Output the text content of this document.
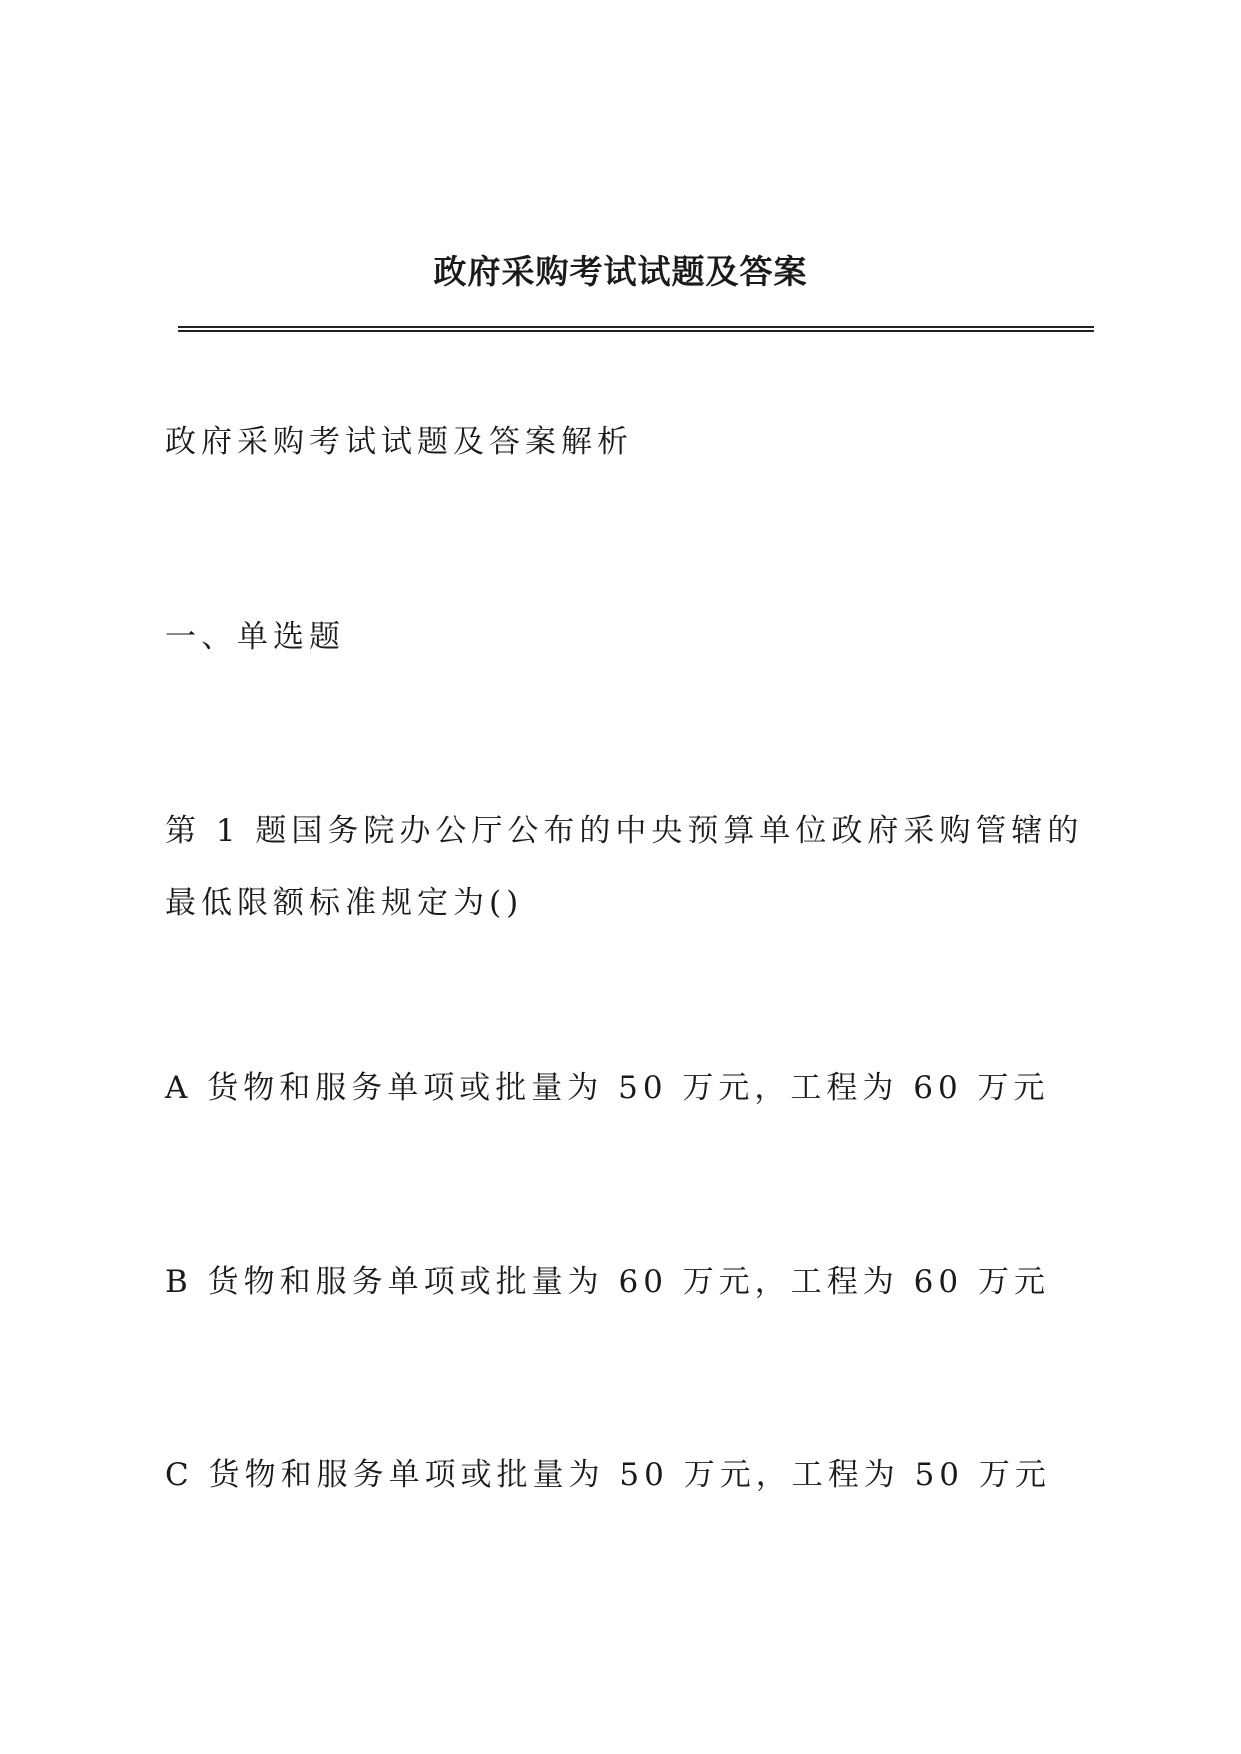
政府采购考试试题及答案

政府采购考试试题及答案解析

一、单选题

第 1 题国务院办公厅公布的中央预算单位政府采购管辖的最低限额标准规定为()

A 货物和服务单项或批量为 50 万元，工程为 60 万元

B 货物和服务单项或批量为 60 万元，工程为 60 万元

C 货物和服务单项或批量为 50 万元，工程为 50 万元
